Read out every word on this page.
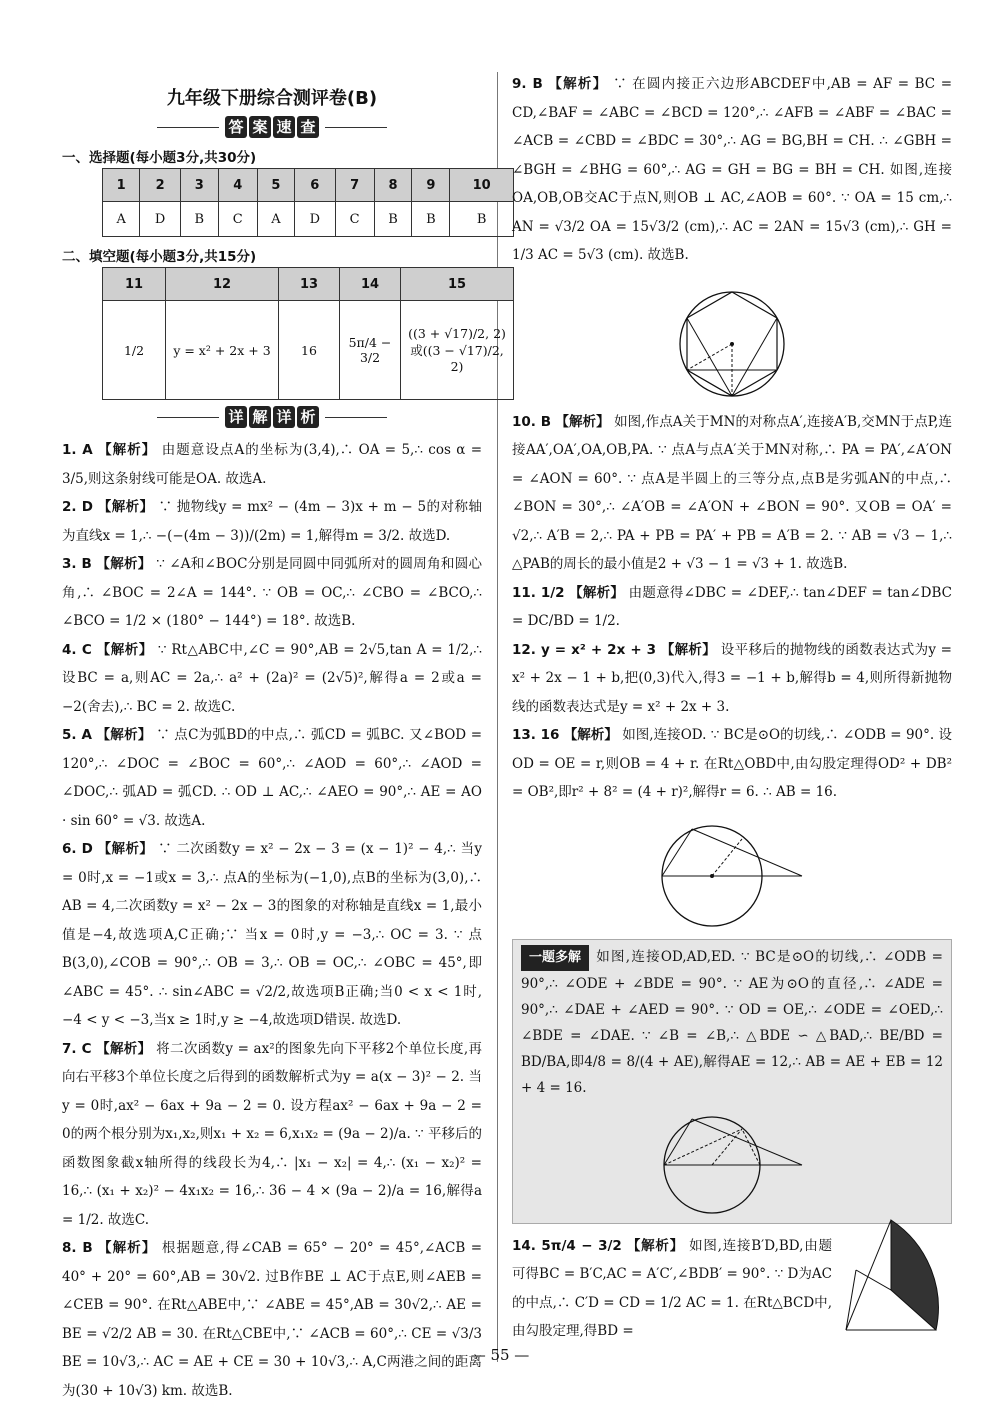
九年级下册综合测评卷(B)
答 案 速 查
一、选择题(每小题3分,共30分)
1	2	3	4	5	6	7	8	9	10
A	D	B	C	A	D	C	B	B	B
二、填空题(每小题3分,共15分)
11	12	13	14	15
1/2	y = x² + 2x + 3	16	5π/4 − 3/2	((3 + √17)/2, 2) 或((3 − √17)/2, 2)
详 解 详 析

1. A 【解析】 由题意设点A的坐标为(3,4),∴ OA = 5,∴ cos α = 3/5,则这条射线可能是OA. 故选A.

2. D 【解析】 ∵ 抛物线y = mx² − (4m − 3)x + m − 5的对称轴为直线x = 1,∴ −(−(4m − 3))/(2m) = 1,解得m = 3/2. 故选D.

3. B 【解析】 ∵ ∠A和∠BOC分别是同圆中同弧所对的圆周角和圆心角,∴ ∠BOC = 2∠A = 144°. ∵ OB = OC,∴ ∠CBO = ∠BCO,∴ ∠BCO = 1/2 × (180° − 144°) = 18°. 故选B.

4. C 【解析】 ∵ Rt△ABC中,∠C = 90°,AB = 2√5,tan A = 1/2,∴ 设BC = a,则AC = 2a,∴ a² + (2a)² = (2√5)²,解得a = 2或a = −2(舍去),∴ BC = 2. 故选C.

5. A 【解析】 ∵ 点C为弧BD的中点,∴ 弧CD = 弧BC. 又∠BOD = 120°,∴ ∠DOC = ∠BOC = 60°,∴ ∠AOD = 60°,∴ ∠AOD = ∠DOC,∴ 弧AD = 弧CD. ∴ OD ⊥ AC,∴ ∠AEO = 90°,∴ AE = AO · sin 60° = √3. 故选A.

6. D 【解析】 ∵ 二次函数y = x² − 2x − 3 = (x − 1)² − 4,∴ 当y = 0时,x = −1或x = 3,∴ 点A的坐标为(−1,0),点B的坐标为(3,0),∴ AB = 4,二次函数y = x² − 2x − 3的图象的对称轴是直线x = 1,最小值是−4,故选项A,C正确;∵ 当x = 0时,y = −3,∴ OC = 3. ∵ 点B(3,0),∠COB = 90°,∴ OB = 3,∴ OB = OC,∴ ∠OBC = 45°,即∠ABC = 45°. ∴ sin∠ABC = √2/2,故选项B正确;当0 < x < 1时,−4 < y < −3,当x ≥ 1时,y ≥ −4,故选项D错误. 故选D.

7. C 【解析】 将二次函数y = ax²的图象先向下平移2个单位长度,再向右平移3个单位长度之后得到的函数解析式为y = a(x − 3)² − 2. 当y = 0时,ax² − 6ax + 9a − 2 = 0. 设方程ax² − 6ax + 9a − 2 = 0的两个根分别为x₁,x₂,则x₁ + x₂ = 6,x₁x₂ = (9a − 2)/a. ∵ 平移后的函数图象截x轴所得的线段长为4,∴ |x₁ − x₂| = 4,∴ (x₁ − x₂)² = 16,∴ (x₁ + x₂)² − 4x₁x₂ = 16,∴ 36 − 4 × (9a − 2)/a = 16,解得a = 1/2. 故选C.

8. B 【解析】 根据题意,得∠CAB = 65° − 20° = 45°,∠ACB = 40° + 20° = 60°,AB = 30√2. 过B作BE ⊥ AC于点E,则∠AEB = ∠CEB = 90°. 在Rt△ABE中,∵ ∠ABE = 45°,AB = 30√2,∴ AE = BE = √2/2 AB = 30. 在Rt△CBE中,∵ ∠ACB = 60°,∴ CE = √3/3 BE = 10√3,∴ AC = AE + CE = 30 + 10√3,∴ A,C两港之间的距离为(30 + 10√3) km. 故选B.

9. B 【解析】 ∵ 在圆内接正六边形ABCDEF中,AB = AF = BC = CD,∠BAF = ∠ABC = ∠BCD = 120°,∴ ∠AFB = ∠ABF = ∠BAC = ∠ACB = ∠CBD = ∠BDC = 30°,∴ AG = BG,BH = CH. ∴ ∠GBH = ∠BGH = ∠BHG = 60°,∴ AG = GH = BG = BH = CH. 如图,连接OA,OB,OB交AC于点N,则OB ⊥ AC,∠AOB = 60°. ∵ OA = 15 cm,∴ AN = √3/2 OA = 15√3/2 (cm),∴ AC = 2AN = 15√3 (cm),∴ GH = 1/3 AC = 5√3 (cm). 故选B.

10. B 【解析】 如图,作点A关于MN的对称点A′,连接A′B,交MN于点P,连接AA′,OA′,OA,OB,PA. ∵ 点A与点A′关于MN对称,∴ PA = PA′,∠A′ON = ∠AON = 60°. ∵ 点A是半圆上的三等分点,点B是劣弧AN的中点,∴ ∠BON = 30°,∴ ∠A′OB = ∠A′ON + ∠BON = 90°. 又OB = OA′ = √2,∴ A′B = 2,∴ PA + PB = PA′ + PB = A′B = 2. ∵ AB = √3 − 1,∴ △PAB的周长的最小值是2 + √3 − 1 = √3 + 1. 故选B.

11. 1/2 【解析】 由题意得∠DBC = ∠DEF,∴ tan∠DEF = tan∠DBC = DC/BD = 1/2.

12. y = x² + 2x + 3 【解析】 设平移后的抛物线的函数表达式为y = x² + 2x − 1 + b,把(0,3)代入,得3 = −1 + b,解得b = 4,则所得新抛物线的函数表达式是y = x² + 2x + 3.

13. 16 【解析】 如图,连接OD. ∵ BC是⊙O的切线,∴ ∠ODB = 90°. 设OD = OE = r,则OB = 4 + r. 在Rt△OBD中,由勾股定理得OD² + DB² = OB²,即r² + 8² = (4 + r)²,解得r = 6. ∴ AB = 16.

一题多解 如图,连接OD,AD,ED. ∵ BC是⊙O的切线,∴ ∠ODB = 90°,∴ ∠ODE + ∠BDE = 90°. ∵ AE为⊙O的直径,∴ ∠ADE = 90°,∴ ∠DAE + ∠AED = 90°. ∵ OD = OE,∴ ∠ODE = ∠OED,∴ ∠BDE = ∠DAE. ∵ ∠B = ∠B,∴ △BDE ∽ △BAD,∴ BE/BD = BD/BA,即4/8 = 8/(4 + AE),解得AE = 12,∴ AB = AE + EB = 12 + 4 = 16.

14. 5π/4 − 3/2 【解析】 如图,连接B′D,BD,由题可得BC = B′C,AC = A′C′,∠BDB′ = 90°. ∵ D为AC的中点,∴ C′D = CD = 1/2 AC = 1. 在Rt△BCD中,由勾股定理,得BD =

— 55 —
